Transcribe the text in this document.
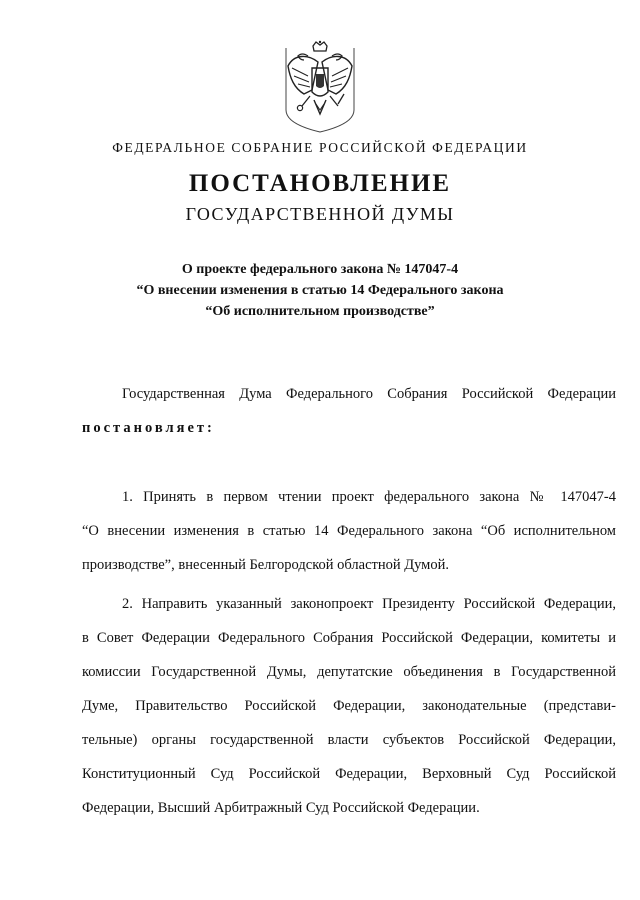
ФЕДЕРАЛЬНОЕ СОБРАНИЕ РОССИЙСКОЙ ФЕДЕРАЦИИ
ПОСТАНОВЛЕНИЕ
ГОСУДАРСТВЕННОЙ ДУМЫ
О проекте федерального закона № 147047-4
“О внесении изменения в статью 14 Федерального закона
“Об исполнительном производстве”
Государственная Дума Федерального Собрания Российской Федерации
постановляет:
1. Принять в первом чтении проект федерального закона № 147047-4
“О внесении изменения в статью 14 Федерального закона “Об исполнительном
производстве”, внесенный Белгородской областной Думой.
2. Направить указанный законопроект Президенту Российской Федерации,
в Совет Федерации Федерального Собрания Российской Федерации, комитеты и
комиссии Государственной Думы, депутатские объединения в Государственной
Думе, Правительство Российской Федерации, законодательные (представи-
тельные) органы государственной власти субъектов Российской Федерации,
Конституционный Суд Российской Федерации, Верховный Суд Российской
Федерации, Высший Арбитражный Суд Российской Федерации.
